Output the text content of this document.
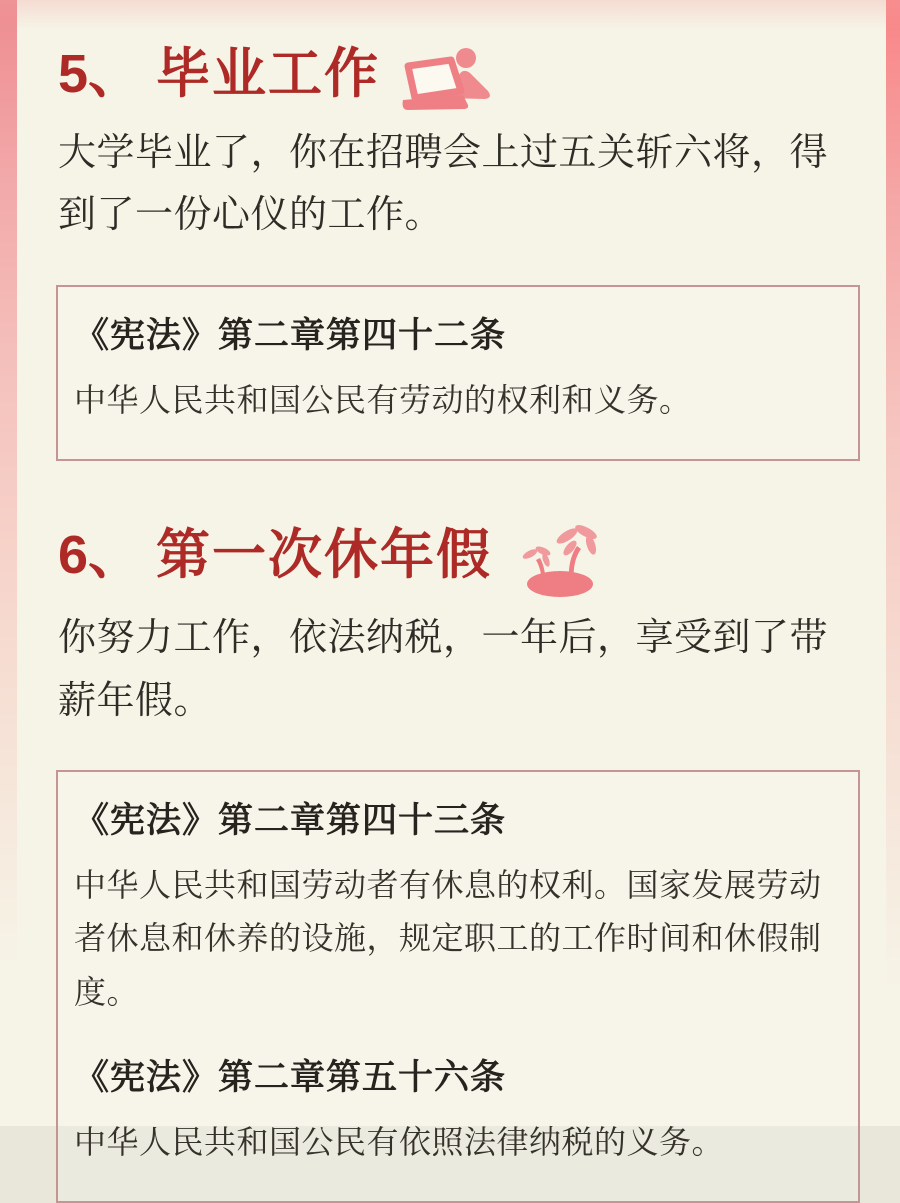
5、 毕业工作

大学毕业了，你在招聘会上过五关斩六将，得到了一份心仪的工作。

《宪法》第二章第四十二条

中华人民共和国公民有劳动的权利和义务。

6、 第一次休年假

你努力工作，依法纳税，一年后，享受到了带薪年假。

《宪法》第二章第四十三条

中华人民共和国劳动者有休息的权利。国家发展劳动者休息和休养的设施，规定职工的工作时间和休假制度。

《宪法》第二章第五十六条

中华人民共和国公民有依照法律纳税的义务。
